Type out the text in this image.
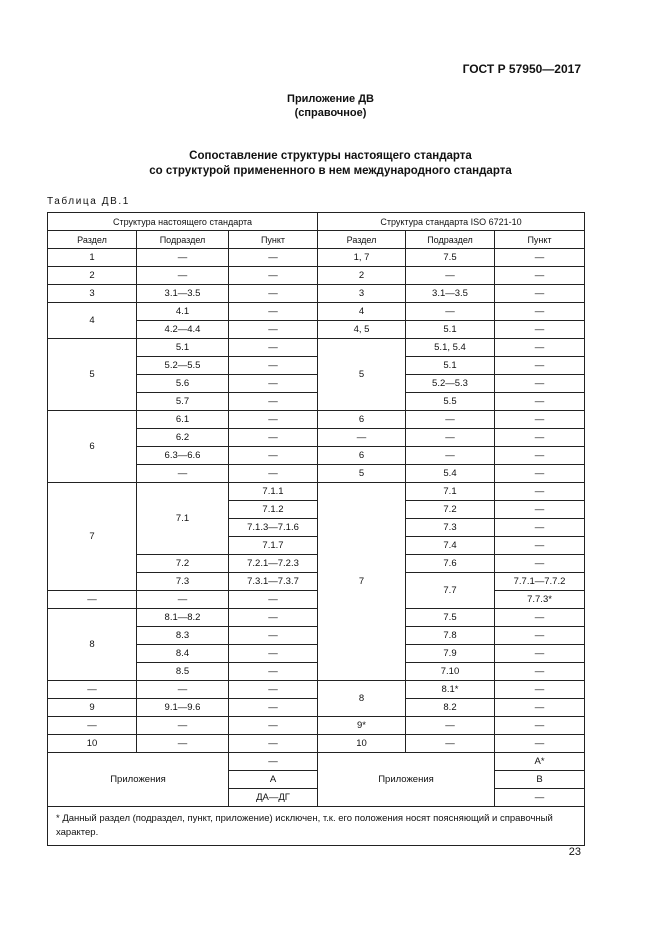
ГОСТ Р 57950—2017
Приложение ДВ
(справочное)
Сопоставление структуры настоящего стандарта
со структурой примененного в нем международного стандарта
Таблица ДВ.1
Структура настоящего стандарта			Структура стандарта ISO 6721-10		
Раздел	Подраздел	Пункт	Раздел	Подраздел	Пункт
1	—	—	1, 7	7.5	—
2	—	—	2	—	—
3	3.1—3.5	—	3	3.1—3.5	—
4	4.1	—	4	—	—
	4.2—4.4	—	4, 5	5.1	—
5	5.1	—	5	5.1, 5.4	—
	5.2—5.5	—		5.1	—
	5.6	—		5.2—5.3	—
	5.7	—		5.5	—
6	6.1	—	6	—	—
	6.2	—	—	—	—
	6.3—6.6	—	6	—	—
	—	—	5	5.4	—
7	7.1	7.1.1	7	7.1	—
		7.1.2		7.2	—
		7.1.3—7.1.6		7.3	—
		7.1.7		7.4	—
	7.2	7.2.1—7.2.3		7.6	—
	7.3	7.3.1—7.3.7		7.7	7.7.1—7.7.2
—	—	—			7.7.3*
8	8.1—8.2	—		7.5	—
	8.3	—		7.8	—
	8.4	—		7.9	—
	8.5	—		7.10	—
—	—	—	8	8.1*	—
9	9.1—9.6	—		8.2	—
—	—	—	9*	—	—
10	—	—	10	—	—
Приложения		—	Приложения		А*
		А			В
		ДА—ДГ			—
* Данный раздел (подраздел, пункт, приложение) исключен, т.к. его положения носят поясняющий и справочный характер.					
23
